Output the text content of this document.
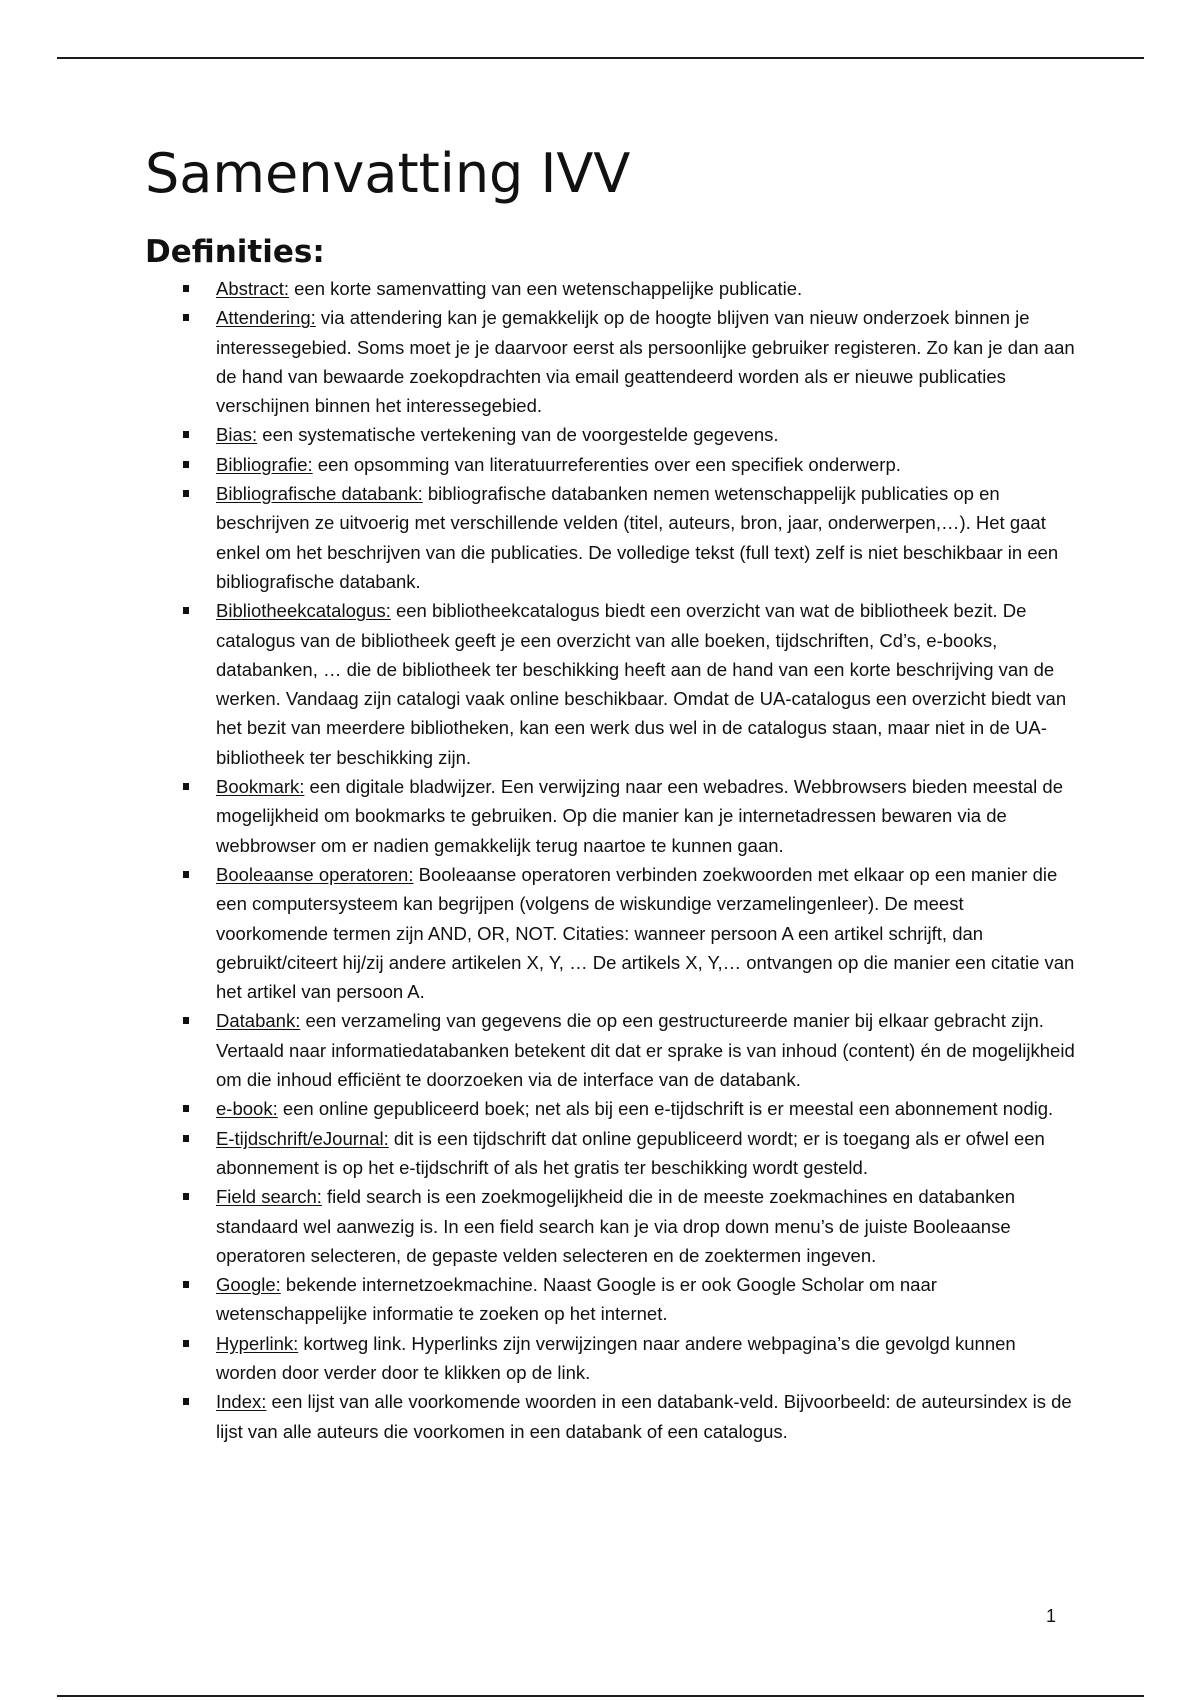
Samenvatting IVV
Definities:
Abstract: een korte samenvatting van een wetenschappelijke publicatie.
Attendering: via attendering kan je gemakkelijk op de hoogte blijven van nieuw onderzoek binnen je interessegebied. Soms moet je je daarvoor eerst als persoonlijke gebruiker registeren. Zo kan je dan aan de hand van bewaarde zoekopdrachten via email geattendeerd worden als er nieuwe publicaties verschijnen binnen het interessegebied.
Bias: een systematische vertekening van de voorgestelde gegevens.
Bibliografie: een opsomming van literatuurreferenties over een specifiek onderwerp.
Bibliografische databank: bibliografische databanken nemen wetenschappelijk publicaties op en beschrijven ze uitvoerig met verschillende velden (titel, auteurs, bron, jaar, onderwerpen,…). Het gaat enkel om het beschrijven van die publicaties. De volledige tekst (full text) zelf is niet beschikbaar in een bibliografische databank.
Bibliotheekcatalogus: een bibliotheekcatalogus biedt een overzicht van wat de bibliotheek bezit. De catalogus van de bibliotheek geeft je een overzicht van alle boeken, tijdschriften, Cd’s, e-books, databanken, … die de bibliotheek ter beschikking heeft aan de hand van een korte beschrijving van de werken. Vandaag zijn catalogi vaak online beschikbaar. Omdat de UA-catalogus een overzicht biedt van het bezit van meerdere bibliotheken, kan een werk dus wel in de catalogus staan, maar niet in de UA-bibliotheek ter beschikking zijn.
Bookmark: een digitale bladwijzer. Een verwijzing naar een webadres. Webbrowsers bieden meestal de mogelijkheid om bookmarks te gebruiken. Op die manier kan je internetadressen bewaren via de webbrowser om er nadien gemakkelijk terug naartoe te kunnen gaan.
Booleaanse operatoren: Booleaanse operatoren verbinden zoekwoorden met elkaar op een manier die een computersysteem kan begrijpen (volgens de wiskundige verzamelingenleer). De meest voorkomende termen zijn AND, OR, NOT. Citaties: wanneer persoon A een artikel schrijft, dan gebruikt/citeert hij/zij andere artikelen X, Y, … De artikels X, Y,… ontvangen op die manier een citatie van het artikel van persoon A.
Databank: een verzameling van gegevens die op een gestructureerde manier bij elkaar gebracht zijn. Vertaald naar informatiedatabanken betekent dit dat er sprake is van inhoud (content) én de mogelijkheid om die inhoud efficiënt te doorzoeken via de interface van de databank.
e-book: een online gepubliceerd boek; net als bij een e-tijdschrift is er meestal een abonnement nodig.
E-tijdschrift/eJournal: dit is een tijdschrift dat online gepubliceerd wordt; er is toegang als er ofwel een abonnement is op het e-tijdschrift of als het gratis ter beschikking wordt gesteld.
Field search: field search is een zoekmogelijkheid die in de meeste zoekmachines en databanken standaard wel aanwezig is. In een field search kan je via drop down menu’s de juiste Booleaanse operatoren selecteren, de gepaste velden selecteren en de zoektermen ingeven.
Google: bekende internetzoekmachine. Naast Google is er ook Google Scholar om naar wetenschappelijke informatie te zoeken op het internet.
Hyperlink: kortweg link. Hyperlinks zijn verwijzingen naar andere webpagina’s die gevolgd kunnen worden door verder door te klikken op de link.
Index: een lijst van alle voorkomende woorden in een databank-veld. Bijvoorbeeld: de auteursindex is de lijst van alle auteurs die voorkomen in een databank of een catalogus.
1
